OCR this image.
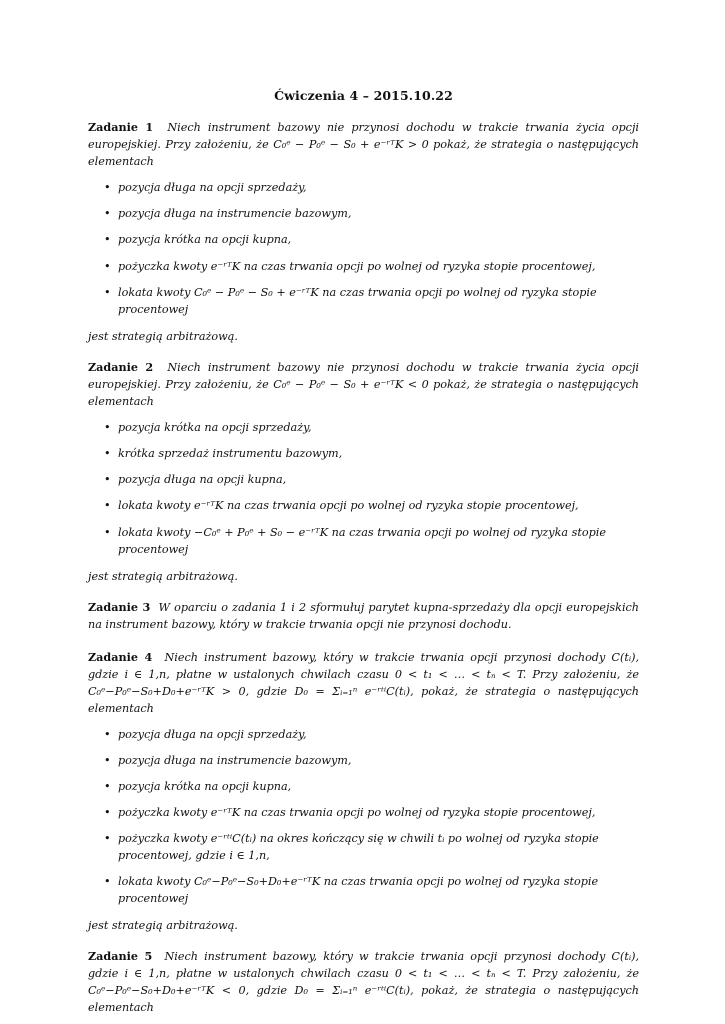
Ćwiczenia 4 – 2015.10.22

Zadanie 1 Niech instrument bazowy nie przynosi dochodu w trakcie trwania życia opcji europejskiej. Przy założeniu, że C₀ᵉ − P₀ᵉ − S₀ + e⁻ʳᵀK > 0 pokaż, że strategia o następujących elementach

• pozycja długa na opcji sprzedaży,
• pozycja długa na instrumencie bazowym,
• pozycja krótka na opcji kupna,
• pożyczka kwoty e⁻ʳᵀK na czas trwania opcji po wolnej od ryzyka stopie procentowej,
• lokata kwoty C₀ᵉ − P₀ᵉ − S₀ + e⁻ʳᵀK na czas trwania opcji po wolnej od ryzyka stopie procentowej
jest strategią arbitrażową.

Zadanie 2 Niech instrument bazowy nie przynosi dochodu w trakcie trwania życia opcji europejskiej. Przy założeniu, że C₀ᵉ − P₀ᵉ − S₀ + e⁻ʳᵀK < 0 pokaż, że strategia o następujących elementach

• pozycja krótka na opcji sprzedaży,
• krótka sprzedaż instrumentu bazowym,
• pozycja długa na opcji kupna,
• lokata kwoty e⁻ʳᵀK na czas trwania opcji po wolnej od ryzyka stopie procentowej,
• lokata kwoty −C₀ᵉ + P₀ᵉ + S₀ − e⁻ʳᵀK na czas trwania opcji po wolnej od ryzyka stopie procentowej
jest strategią arbitrażową.

Zadanie 3 W oparciu o zadania 1 i 2 sformułuj parytet kupna-sprzedaży dla opcji europejskich na instrument bazowy, który w trakcie trwania opcji nie przynosi dochodu.

Zadanie 4 Niech instrument bazowy, który w trakcie trwania opcji przynosi dochody C(tᵢ), gdzie i ∈ 1,n, płatne w ustalonych chwilach czasu 0 < t₁ < … < tₙ < T. Przy założeniu, że C₀ᵉ−P₀ᵉ−S₀+D₀+e⁻ʳᵀK > 0, gdzie D₀ = Σᵢ₌₁ⁿ e⁻ʳᵗⁱC(tᵢ), pokaż, że strategia o następujących elementach

• pozycja długa na opcji sprzedaży,
• pozycja długa na instrumencie bazowym,
• pozycja krótka na opcji kupna,
• pożyczka kwoty e⁻ʳᵀK na czas trwania opcji po wolnej od ryzyka stopie procentowej,
• pożyczka kwoty e⁻ʳᵗⁱC(tᵢ) na okres kończący się w chwili tᵢ po wolnej od ryzyka stopie procentowej, gdzie i ∈ 1,n,
• lokata kwoty C₀ᵉ−P₀ᵉ−S₀+D₀+e⁻ʳᵀK na czas trwania opcji po wolnej od ryzyka stopie procentowej
jest strategią arbitrażową.

Zadanie 5 Niech instrument bazowy, który w trakcie trwania opcji przynosi dochody C(tᵢ), gdzie i ∈ 1,n, płatne w ustalonych chwilach czasu 0 < t₁ < … < tₙ < T. Przy założeniu, że C₀ᵉ−P₀ᵉ−S₀+D₀+e⁻ʳᵀK < 0, gdzie D₀ = Σᵢ₌₁ⁿ e⁻ʳᵗⁱC(tᵢ), pokaż, że strategia o następujących elementach
